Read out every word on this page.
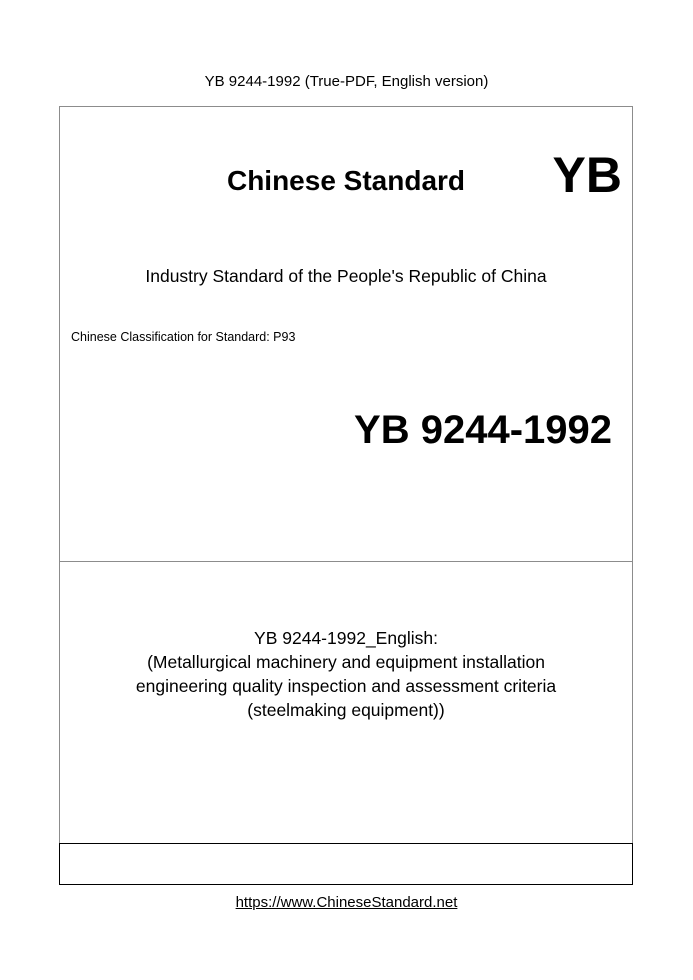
YB 9244-1992 (True-PDF, English version)
Chinese Standard	YB
Industry Standard of the People's Republic of China
Chinese Classification for Standard: P93
YB 9244-1992
YB 9244-1992_English:
(Metallurgical machinery and equipment installation
engineering quality inspection and assessment criteria
(steelmaking equipment))
https://www.ChineseStandard.net
